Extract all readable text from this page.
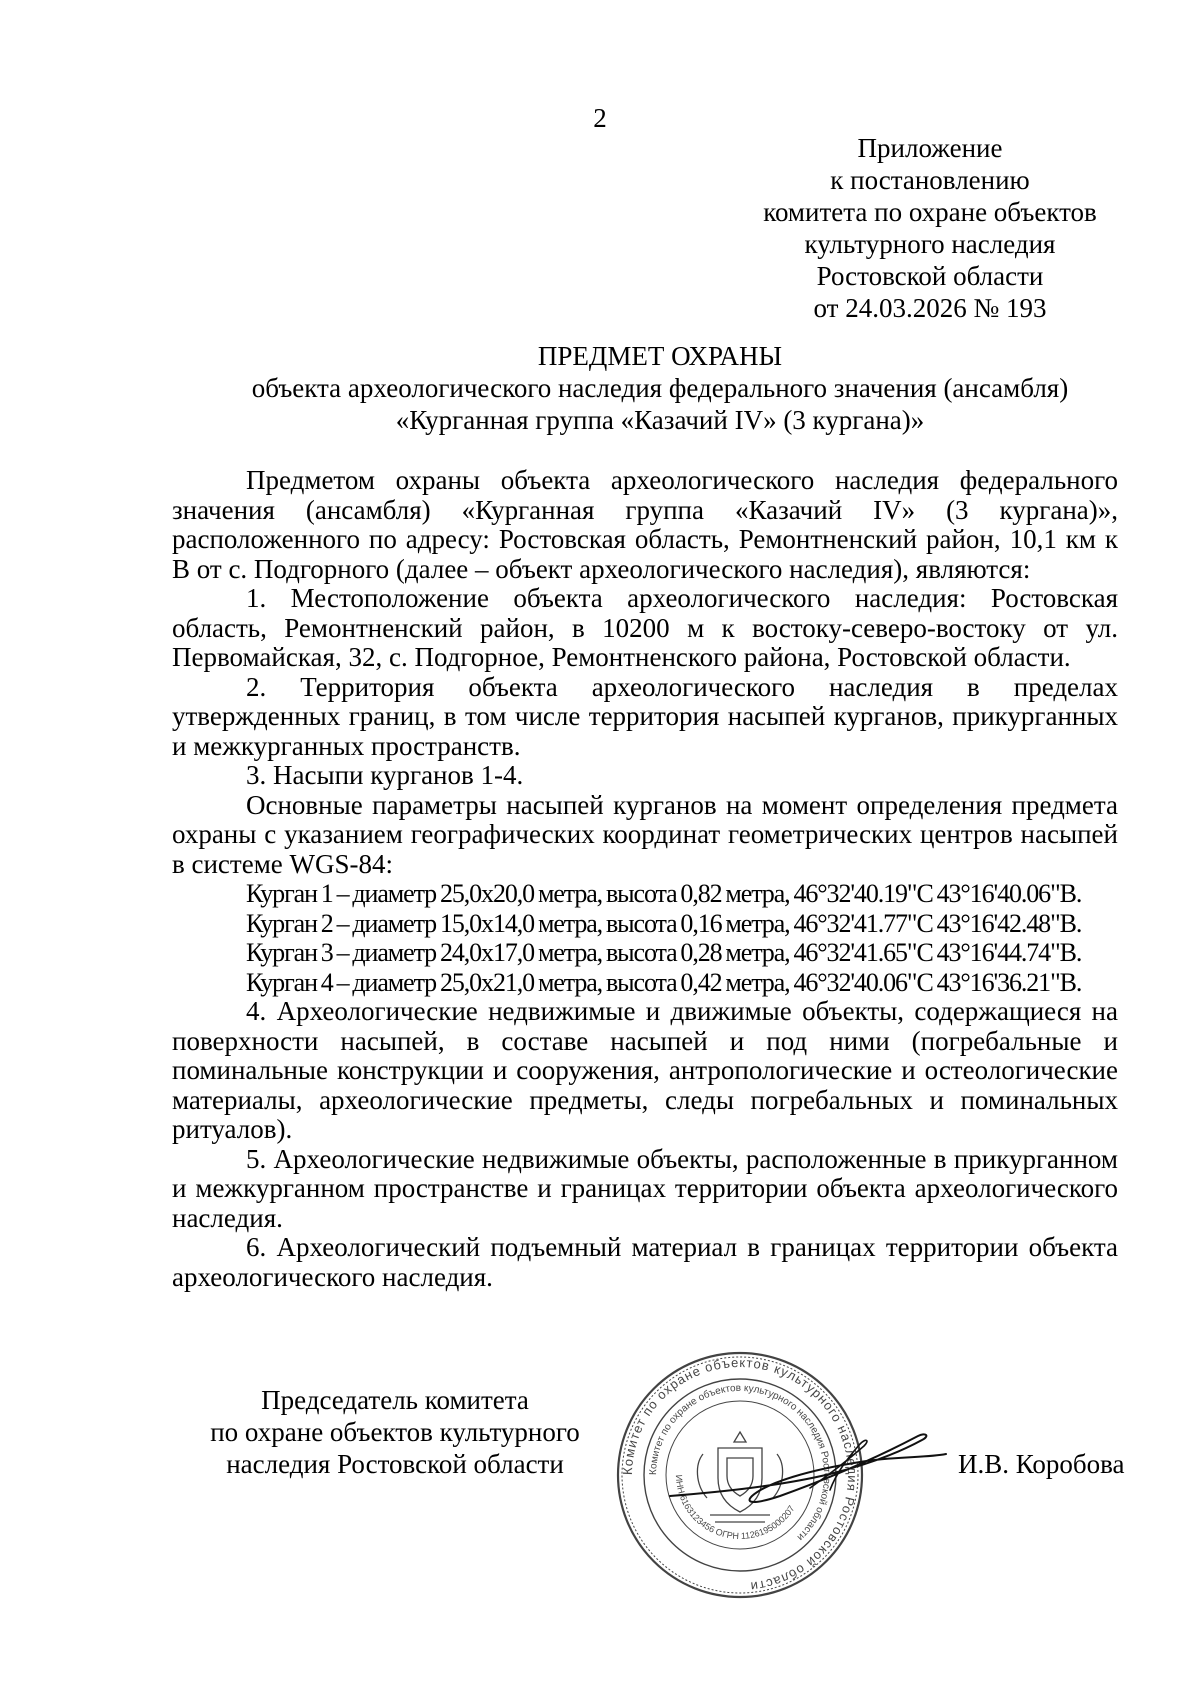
2
Приложение
к постановлению
комитета по охране объектов
культурного наследия
Ростовской области
от 24.03.2026 № 193
ПРЕДМЕТ ОХРАНЫ
объекта археологического наследия федерального значения (ансамбля)
«Курганная группа «Казачий IV» (3 кургана)»

Предметом охраны объекта археологического наследия федерального значения (ансамбля) «Курганная группа «Казачий IV» (3 кургана)», расположенного по адресу: Ростовская область, Ремонтненский район, 10,1 км к В от с. Подгорного (далее – объект археологического наследия), являются:

1. Местоположение объекта археологического наследия: Ростовская область, Ремонтненский район, в 10200 м к востоку-северо-востоку от ул. Первомайская, 32, с. Подгорное, Ремонтненского района, Ростовской области.

2. Территория объекта археологического наследия в пределах утвержденных границ, в том числе территория насыпей курганов, прикурганных и межкурганных пространств.

3. Насыпи курганов 1-4.

Основные параметры насыпей курганов на момент определения предмета охраны с указанием географических координат геометрических центров насыпей в системе WGS-84:

Курган 1 – диаметр 25,0х20,0 метра, высота 0,82 метра, 46°32'40.19"С 43°16'40.06"В.

Курган 2 – диаметр 15,0х14,0 метра, высота 0,16 метра, 46°32'41.77"С 43°16'42.48"В.

Курган 3 – диаметр 24,0х17,0 метра, высота 0,28 метра, 46°32'41.65"С 43°16'44.74"В.

Курган 4 – диаметр 25,0х21,0 метра, высота 0,42 метра, 46°32'40.06"С 43°16'36.21"В.

4. Археологические недвижимые и движимые объекты, содержащиеся на поверхности насыпей, в составе насыпей и под ними (погребальные и поминальные конструкции и сооружения, антропологические и остеологические материалы, археологические предметы, следы погребальных и поминальных ритуалов).

5. Археологические недвижимые объекты, расположенные в прикурганном и межкурганном пространстве и границах территории объекта археологического наследия.

6. Археологический подъемный материал в границах территории объекта археологического наследия.

Председатель комитета
по охране объектов культурного
наследия Ростовской области	Комитет по охране объектов культурного наследия Ростовской области
Комитет по охране объектов культурного наследия Ростовской области
ИНН 6163123456 ОГРН 1126195000207
И.В. Коробова
